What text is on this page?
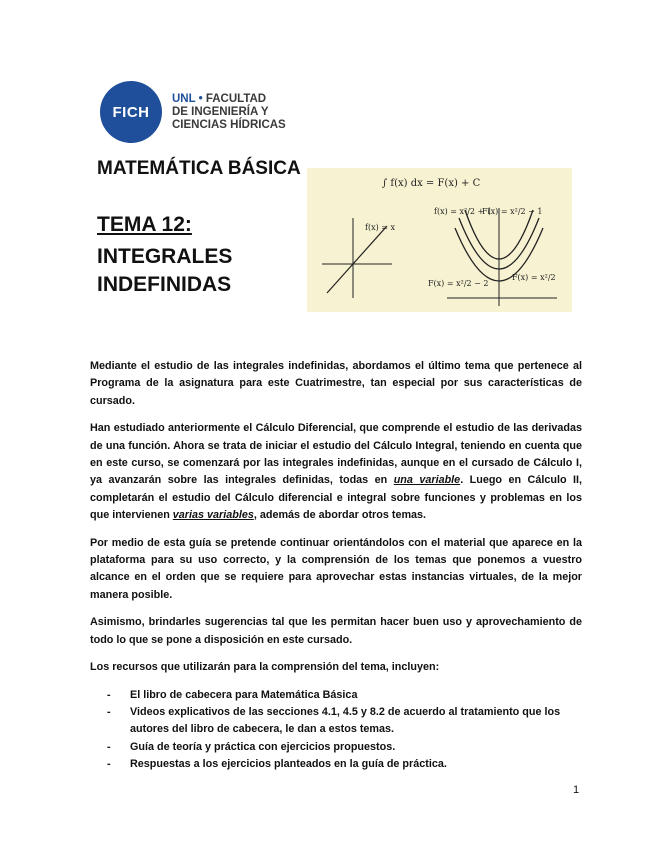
FICH
UNL • FACULTAD
DE INGENIERÍA Y
CIENCIAS HÍDRICAS
MATEMÁTICA BÁSICA
TEMA 12:
INTEGRALES
INDEFINIDAS
∫ f(x) dx = F(x) + C
f(x) = x
f(x) = x²/2 + 1
F(x) = x²/2 − 1
F(x) = x²/2 − 2
F(x) = x²/2

Mediante el estudio de las integrales indefinidas, abordamos el último tema que pertenece al Programa de la asignatura para este Cuatrimestre, tan especial por sus características de cursado.

Han estudiado anteriormente el Cálculo Diferencial, que comprende el estudio de las derivadas de una función. Ahora se trata de iniciar el estudio del Cálculo Integral, teniendo en cuenta que en este curso, se comenzará por las integrales indefinidas, aunque en el cursado de Cálculo I, ya avanzarán sobre las integrales definidas, todas en una variable. Luego en Cálculo II, completarán el estudio del Cálculo diferencial e integral sobre funciones y problemas en los que intervienen varias variables, además de abordar otros temas.

Por medio de esta guía se pretende continuar orientándolos con el material que aparece en la plataforma para su uso correcto, y la comprensión de los temas que ponemos a vuestro alcance en el orden que se requiere para aprovechar estas instancias virtuales, de la mejor manera posible.

Asimismo, brindarles sugerencias tal que les permitan hacer buen uso y aprovechamiento de todo lo que se pone a disposición en este cursado.

Los recursos que utilizarán para la comprensión del tema, incluyen:

- El libro de cabecera para Matemática Básica
- Videos explicativos de las secciones 4.1, 4.5 y 8.2 de acuerdo al tratamiento que los autores del libro de cabecera, le dan a estos temas.
- Guía de teoría y práctica con ejercicios propuestos.
- Respuestas a los ejercicios planteados en la guía de práctica.
1
